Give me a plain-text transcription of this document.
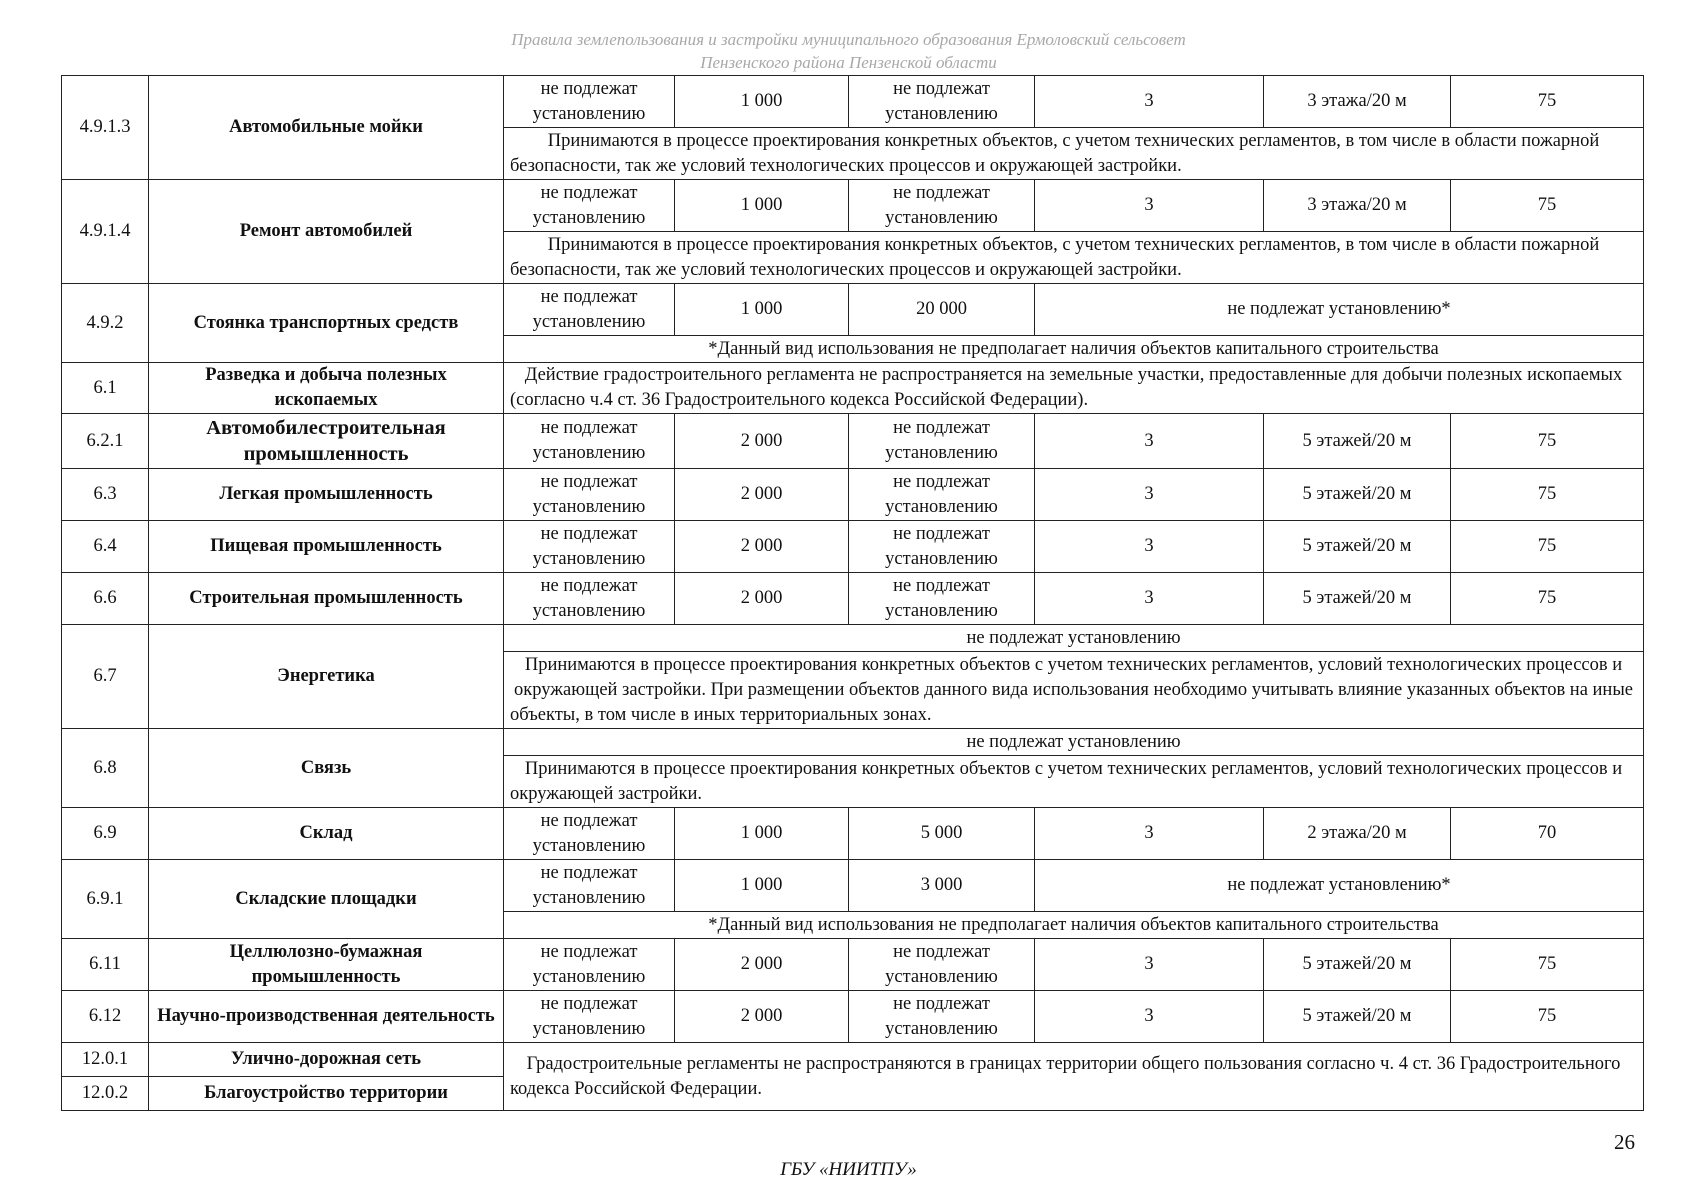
Правила землепользования и застройки муниципального образования Ермоловский сельсовет
Пензенского района Пензенской области
4.9.1.3	Автомобильные мойки	не подлежат установлению	1 000	не подлежат установлению	3	3 этажа/20 м	75
		Принимаются в процессе проектирования конкретных объектов, с учетом технических регламентов, в том числе в области пожарной безопасности, так же условий технологических процессов и окружающей застройки.					
4.9.1.4	Ремонт автомобилей	не подлежат установлению	1 000	не подлежат установлению	3	3 этажа/20 м	75
		Принимаются в процессе проектирования конкретных объектов, с учетом технических регламентов, в том числе в области пожарной безопасности, так же условий технологических процессов и окружающей застройки.					
4.9.2	Стоянка транспортных средств	не подлежат установлению	1 000	20 000	не подлежат установлению*		
		*Данный вид использования не предполагает наличия объектов капитального строительства					
6.1	Разведка и добыча полезных ископаемых	Действие градостроительного регламента не распространяется на земельные участки, предоставленные для добычи полезных ископаемых (согласно ч.4 ст. 36 Градостроительного кодекса Российской Федерации).					
6.2.1	Автомобилестроительная промышленность	не подлежат установлению	2 000	не подлежат установлению	3	5 этажей/20 м	75
6.3	Легкая промышленность	не подлежат установлению	2 000	не подлежат установлению	3	5 этажей/20 м	75
6.4	Пищевая промышленность	не подлежат установлению	2 000	не подлежат установлению	3	5 этажей/20 м	75
6.6	Строительная промышленность	не подлежат установлению	2 000	не подлежат установлению	3	5 этажей/20 м	75
6.7	Энергетика	не подлежат установлению					
		Принимаются в процессе проектирования конкретных объектов с учетом технических регламентов, условий технологических процессов и окружающей застройки. При размещении объектов данного вида использования необходимо учитывать влияние указанных объектов на иные объекты, в том числе в иных территориальных зонах.					
6.8	Связь	не подлежат установлению					
		Принимаются в процессе проектирования конкретных объектов с учетом технических регламентов, условий технологических процессов и окружающей застройки.					
6.9	Склад	не подлежат установлению	1 000	5 000	3	2 этажа/20 м	70
6.9.1	Складские площадки	не подлежат установлению	1 000	3 000	не подлежат установлению*		
		*Данный вид использования не предполагает наличия объектов капитального строительства					
6.11	Целлюлозно-бумажная промышленность	не подлежат установлению	2 000	не подлежат установлению	3	5 этажей/20 м	75
6.12	Научно-производственная деятельность	не подлежат установлению	2 000	не подлежат установлению	3	5 этажей/20 м	75
12.0.1	Улично-дорожная сеть	Градостроительные регламенты не распространяются в границах территории общего пользования согласно ч. 4 ст. 36 Градостроительного кодекса Российской Федерации.					
12.0.2	Благоустройство территории						
26
ГБУ «НИИТПУ»
